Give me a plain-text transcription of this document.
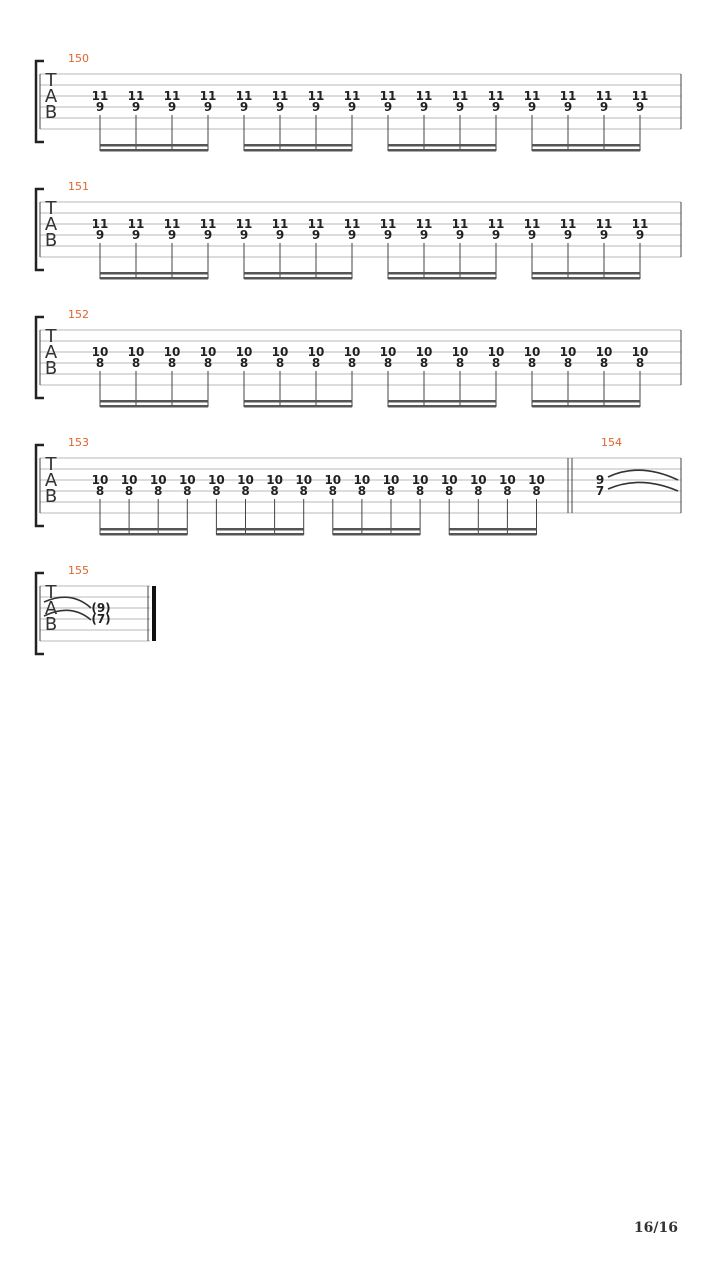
T
A
B
150
11
9
11
9
11
9
11
9
11
9
11
9
11
9
11
9
11
9
11
9
11
9
11
9
11
9
11
9
11
9
11
9
T
A
B
151
11
9
11
9
11
9
11
9
11
9
11
9
11
9
11
9
11
9
11
9
11
9
11
9
11
9
11
9
11
9
11
9
T
A
B
152
10
8
10
8
10
8
10
8
10
8
10
8
10
8
10
8
10
8
10
8
10
8
10
8
10
8
10
8
10
8
10
8
T
A
B
153
10
8
10
8
10
8
10
8
10
8
10
8
10
8
10
8
10
8
10
8
10
8
10
8
10
8
10
8
10
8
10
8
154
9
7
T
A
B
155
(9)
(7)
16/16
